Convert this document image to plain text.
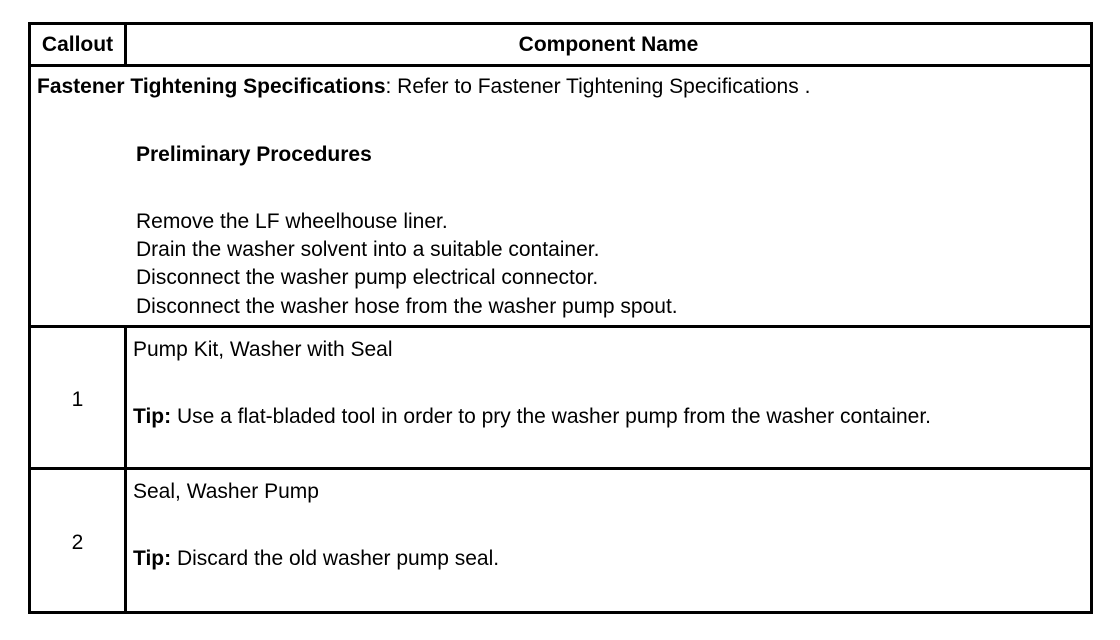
Callout	Component Name
Fastener Tightening Specifications: Refer to Fastener Tightening Specifications .
Preliminary Procedures
Remove the LF wheelhouse liner.
Drain the washer solvent into a suitable container.
Disconnect the washer pump electrical connector.
Disconnect the washer hose from the washer pump spout.
1
Pump Kit, Washer with Seal
Tip: Use a flat-bladed tool in order to pry the washer pump from the washer container.
2
Seal, Washer Pump
Tip: Discard the old washer pump seal.
